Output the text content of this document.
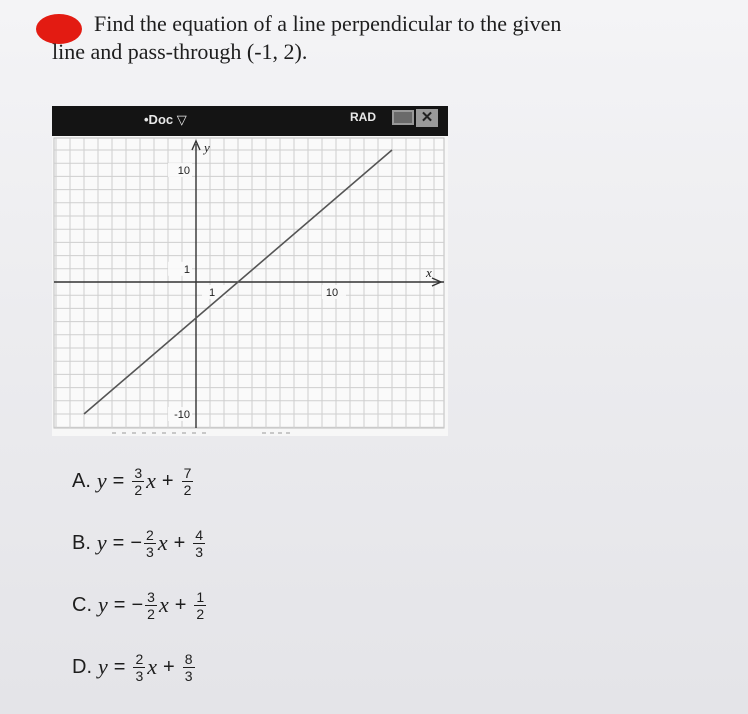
Find the equation of a line perpendicular to the given
line and pass-through (-1, 2).
•Doc ▽	RAD	✕
y
x
10
1
-10
1	10
A. $y = \frac{3}{2}$ $x + \frac{7}{2}$
B. y = − $\frac{2}{3}$ $x + \frac{4}{3}$
C. y = − $\frac{3}{2}$ $x + \frac{1}{2}$
D. $y = \frac{2}{3}$ $x + \frac{8}{3}$
